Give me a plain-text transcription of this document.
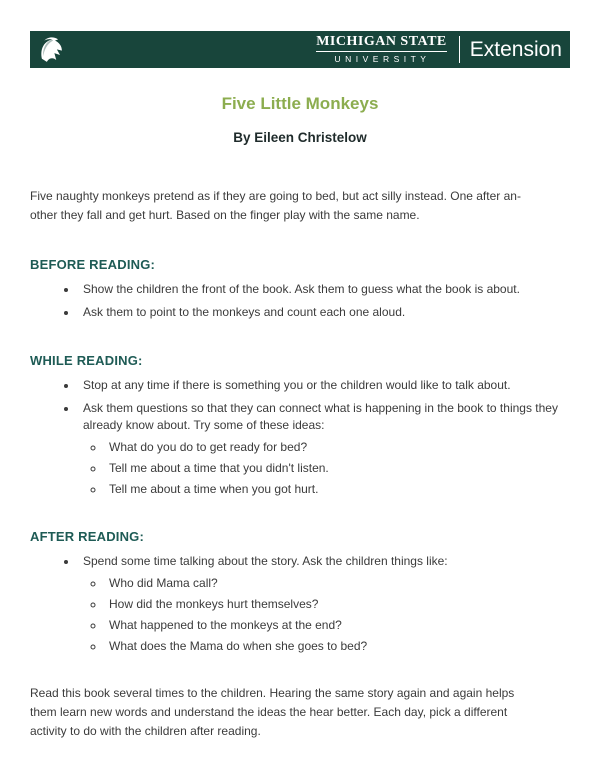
MICHIGAN STATE
UNIVERSITY	Extension
Five Little Monkeys
By Eileen Christelow
Five naughty monkeys pretend as if they are going to bed, but act silly instead. One after an-
other they fall and get hurt. Based on the finger play with the same name.
BEFORE READING:
• Show the children the front of the book. Ask them to guess what the book is about.
• Ask them to point to the monkeys and count each one aloud.
WHILE READING:
• Stop at any time if there is something you or the children would like to talk about.
• Ask them questions so that they can connect what is happening in the book to things they already know about. Try some of these ideas:
◦ What do you do to get ready for bed?
◦ Tell me about a time that you didn't listen.
◦ Tell me about a time when you got hurt.
AFTER READING:
• Spend some time talking about the story. Ask the children things like:
◦ Who did Mama call?
◦ How did the monkeys hurt themselves?
◦ What happened to the monkeys at the end?
◦ What does the Mama do when she goes to bed?
Read this book several times to the children. Hearing the same story again and again helps
them learn new words and understand the ideas the hear better. Each day, pick a different
activity to do with the children after reading.
